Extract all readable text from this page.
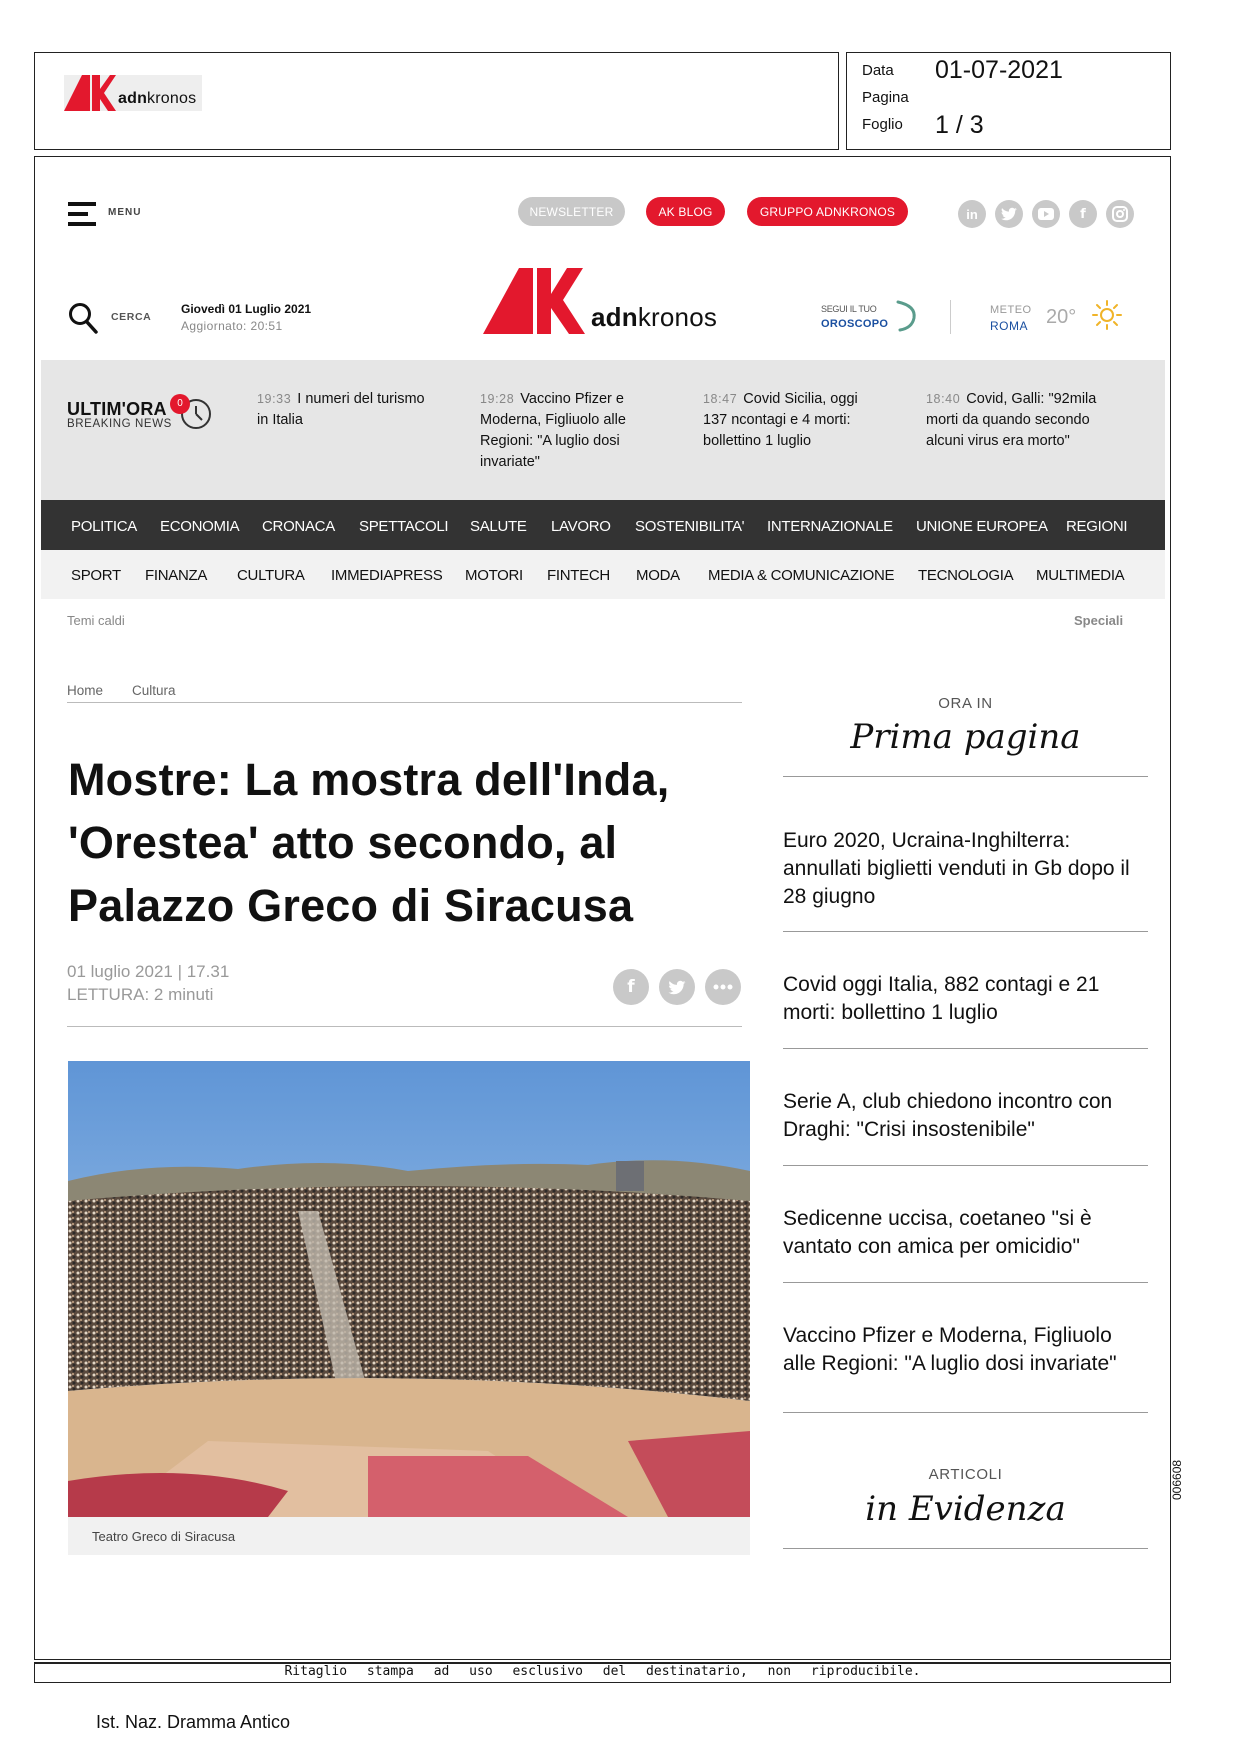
adnkronos
Data 01-07-2021
Pagina
Foglio 1 / 3
MENU	NEWSLETTER	AK BLOG	GRUPPO ADNKRONOS	in	f
CERCA
Giovedì 01 Luglio 2021
Aggiornato: 20:51	adnkronos	SEGUI IL TUO
OROSCOPO
METEO
ROMA 20°
ULTIM'ORA
BREAKING NEWS
0	19:33 I numeri del turismo in Italia
19:28 Vaccino Pfizer e Moderna, Figliuolo alle Regioni: "A luglio dosi invariate"
18:47 Covid Sicilia, oggi 137 ncontagi e 4 morti: bollettino 1 luglio
18:40 Covid, Galli: "92mila morti da quando secondo alcuni virus era morto"
POLITICA ECONOMIA CRONACA SPETTACOLI SALUTE LAVORO SOSTENIBILITA' INTERNAZIONALE UNIONE EUROPEA REGIONI
SPORT FINANZA CULTURA IMMEDIAPRESS MOTORI FINTECH MODA MEDIA & COMUNICAZIONE TECNOLOGIA MULTIMEDIA
Temi caldi	Speciali
Home Cultura
Mostre: La mostra dell'Inda, 'Orestea' atto secondo, al Palazzo Greco di Siracusa
01 luglio 2021 | 17.31
LETTURA: 2 minuti	f
Teatro Greco di Siracusa
ORA IN
Prima pagina
Euro 2020, Ucraina-Inghilterra: annullati biglietti venduti in Gb dopo il 28 giugno
Covid oggi Italia, 882 contagi e 21 morti: bollettino 1 luglio
Serie A, club chiedono incontro con Draghi: "Crisi insostenibile"
Sedicenne uccisa, coetaneo "si è vantato con amica per omicidio"
Vaccino Pfizer e Moderna, Figliuolo alle Regioni: "A luglio dosi invariate"
ARTICOLI
in Evidenza
006608
Ritaglio stampa ad uso esclusivo del destinatario, non riproducibile.
Ist. Naz. Dramma Antico
